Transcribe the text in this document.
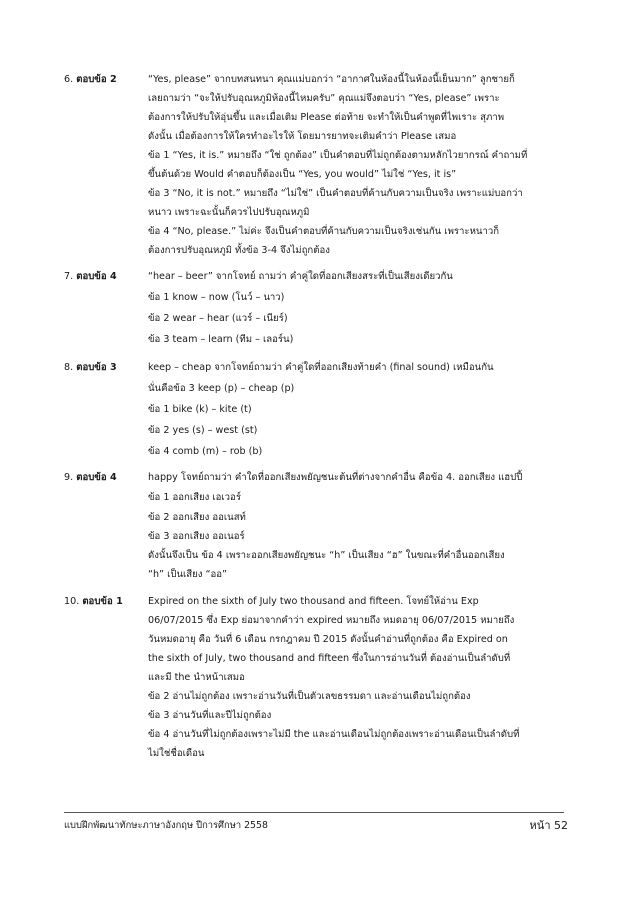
6. ตอบข้อ 2	“Yes, please” จากบทสนทนา คุณแม่บอกว่า “อากาศในห้องนี้ในห้องนี้เย็นมาก” ลูกชายก็
เลยถามว่า “จะให้ปรับอุณหภูมิห้องนี้ไหมครับ” คุณแม่จึงตอบว่า “Yes, please” เพราะ
ต้องการให้ปรับให้อุ่นขึ้น และเมื่อเติม Please ต่อท้าย จะทำให้เป็นคำพูดที่ไพเราะ สุภาพ
ดังนั้น เมื่อต้องการให้ใครทำอะไรให้ โดยมารยาทจะเติมคำว่า Please เสมอ
ข้อ 1 “Yes, it is.” หมายถึง “ใช่ ถูกต้อง” เป็นคำตอบที่ไม่ถูกต้องตามหลักไวยากรณ์ คำถามที่
ขึ้นต้นด้วย Would คำตอบก็ต้องเป็น “Yes, you would” ไม่ใช่ “Yes, it is”
ข้อ 3 “No, it is not.” หมายถึง “ไม่ใช่” เป็นคำตอบที่ค้านกับความเป็นจริง เพราะแม่บอกว่า
หนาว เพราะฉะนั้นก็ควรไปปรับอุณหภูมิ
ข้อ 4 “No, please.” ไม่ค่ะ จึงเป็นคำตอบที่ค้านกับความเป็นจริงเช่นกัน เพราะหนาวก็
ต้องการปรับอุณหภูมิ ทั้งข้อ 3-4 จึงไม่ถูกต้อง
7. ตอบข้อ 4	“hear – beer” จากโจทย์ ถามว่า คำคู่ใดที่ออกเสียงสระที่เป็นเสียงเดียวกัน
ข้อ 1 know – now (โนว์ – นาว)
ข้อ 2 wear – hear (แวร์ – เนียร์)
ข้อ 3 team – learn (ทีม – เลอร์น)
8. ตอบข้อ 3	keep – cheap จากโจทย์ถามว่า คำคู่ใดที่ออกเสียงท้ายคำ (final sound) เหมือนกัน
นั่นคือข้อ 3 keep (p) – cheap (p)
ข้อ 1 bike (k) – kite (t)
ข้อ 2 yes (s) – west (st)
ข้อ 4 comb (m) – rob (b)
9. ตอบข้อ 4	happy โจทย์ถามว่า คำใดที่ออกเสียงพยัญชนะต้นที่ต่างจากคำอื่น คือข้อ 4. ออกเสียง แฮปปี้
ข้อ 1 ออกเสียง เอเวอร์
ข้อ 2 ออกเสียง ออเนสท์
ข้อ 3 ออกเสียง ออเนอร์
ดังนั้นจึงเป็น ข้อ 4 เพราะออกเสียงพยัญชนะ “h” เป็นเสียง “ฮ” ในขณะที่คำอื่นออกเสียง
“h” เป็นเสียง “ออ”
10. ตอบข้อ 1	Expired on the sixth of July two thousand and fifteen. โจทย์ให้อ่าน Exp
06/07/2015 ซึ่ง Exp ย่อมาจากคำว่า expired หมายถึง หมดอายุ 06/07/2015 หมายถึง
วันหมดอายุ คือ วันที่ 6 เดือน กรกฎาคม ปี 2015 ดังนั้นคำอ่านที่ถูกต้อง คือ Expired on
the sixth of July, two thousand and fifteen ซึ่งในการอ่านวันที่ ต้องอ่านเป็นลำดับที่
และมี the นำหน้าเสมอ
ข้อ 2 อ่านไม่ถูกต้อง เพราะอ่านวันที่เป็นตัวเลขธรรมดา และอ่านเดือนไม่ถูกต้อง
ข้อ 3 อ่านวันที่และปีไม่ถูกต้อง
ข้อ 4 อ่านวันที่ไม่ถูกต้องเพราะไม่มี the และอ่านเดือนไม่ถูกต้องเพราะอ่านเดือนเป็นลำดับที่
ไม่ใช่ชื่อเดือน
แบบฝึกพัฒนาทักษะภาษาอังกฤษ ปีการศึกษา 2558	หน้า 52
